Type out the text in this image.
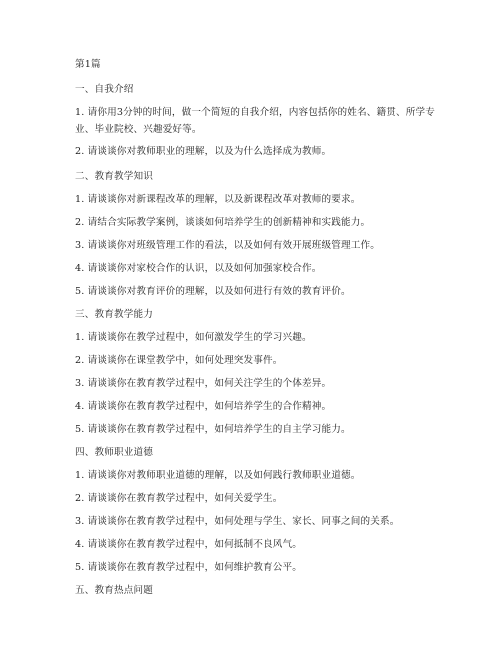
第1篇
一、自我介绍
1. 请你用3分钟的时间，做一个简短的自我介绍，内容包括你的姓名、籍贯、所学专业、毕业院校、兴趣爱好等。
2. 请谈谈你对教师职业的理解，以及为什么选择成为教师。
二、教育教学知识
1. 请谈谈你对新课程改革的理解，以及新课程改革对教师的要求。
2. 请结合实际教学案例，谈谈如何培养学生的创新精神和实践能力。
3. 请谈谈你对班级管理工作的看法，以及如何有效开展班级管理工作。
4. 请谈谈你对家校合作的认识，以及如何加强家校合作。
5. 请谈谈你对教育评价的理解，以及如何进行有效的教育评价。
三、教育教学能力
1. 请谈谈你在教学过程中，如何激发学生的学习兴趣。
2. 请谈谈你在课堂教学中，如何处理突发事件。
3. 请谈谈你在教育教学过程中，如何关注学生的个体差异。
4. 请谈谈你在教育教学过程中，如何培养学生的合作精神。
5. 请谈谈你在教育教学过程中，如何培养学生的自主学习能力。
四、教师职业道德
1. 请谈谈你对教师职业道德的理解，以及如何践行教师职业道德。
2. 请谈谈你在教育教学过程中，如何关爱学生。
3. 请谈谈你在教育教学过程中，如何处理与学生、家长、同事之间的关系。
4. 请谈谈你在教育教学过程中，如何抵制不良风气。
5. 请谈谈你在教育教学过程中，如何维护教育公平。
五、教育热点问题
